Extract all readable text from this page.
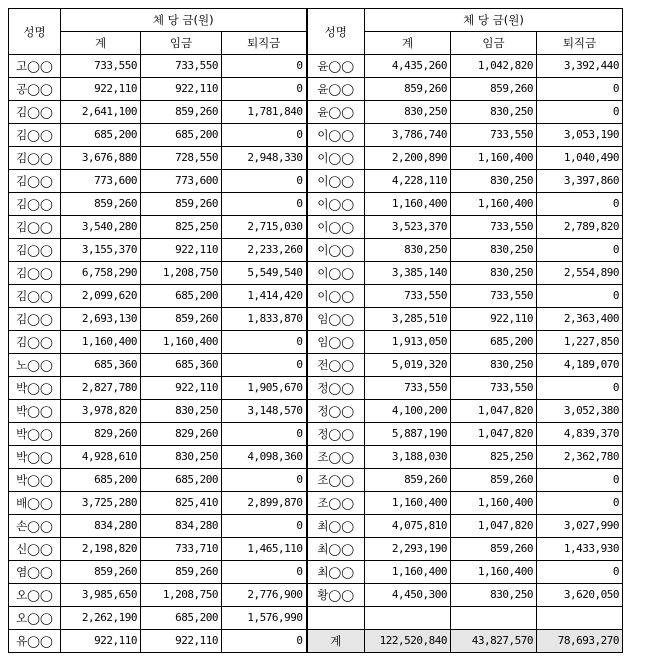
성명	체 당 금(원)			성명	체 당 금(원)		
	계	임금	퇴직금		계	임금	퇴직금
고◯◯	733,550	733,550	0	윤◯◯	4,435,260	1,042,820	3,392,440
공◯◯	922,110	922,110	0	윤◯◯	859,260	859,260	0
김◯◯	2,641,100	859,260	1,781,840	윤◯◯	830,250	830,250	0
김◯◯	685,200	685,200	0	이◯◯	3,786,740	733,550	3,053,190
김◯◯	3,676,880	728,550	2,948,330	이◯◯	2,200,890	1,160,400	1,040,490
김◯◯	773,600	773,600	0	이◯◯	4,228,110	830,250	3,397,860
김◯◯	859,260	859,260	0	이◯◯	1,160,400	1,160,400	0
김◯◯	3,540,280	825,250	2,715,030	이◯◯	3,523,370	733,550	2,789,820
김◯◯	3,155,370	922,110	2,233,260	이◯◯	830,250	830,250	0
김◯◯	6,758,290	1,208,750	5,549,540	이◯◯	3,385,140	830,250	2,554,890
김◯◯	2,099,620	685,200	1,414,420	이◯◯	733,550	733,550	0
김◯◯	2,693,130	859,260	1,833,870	임◯◯	3,285,510	922,110	2,363,400
김◯◯	1,160,400	1,160,400	0	임◯◯	1,913,050	685,200	1,227,850
노◯◯	685,360	685,360	0	전◯◯	5,019,320	830,250	4,189,070
박◯◯	2,827,780	922,110	1,905,670	정◯◯	733,550	733,550	0
박◯◯	3,978,820	830,250	3,148,570	정◯◯	4,100,200	1,047,820	3,052,380
박◯◯	829,260	829,260	0	정◯◯	5,887,190	1,047,820	4,839,370
박◯◯	4,928,610	830,250	4,098,360	조◯◯	3,188,030	825,250	2,362,780
박◯◯	685,200	685,200	0	조◯◯	859,260	859,260	0
배◯◯	3,725,280	825,410	2,899,870	조◯◯	1,160,400	1,160,400	0
손◯◯	834,280	834,280	0	최◯◯	4,075,810	1,047,820	3,027,990
신◯◯	2,198,820	733,710	1,465,110	최◯◯	2,293,190	859,260	1,433,930
염◯◯	859,260	859,260	0	최◯◯	1,160,400	1,160,400	0
오◯◯	3,985,650	1,208,750	2,776,900	황◯◯	4,450,300	830,250	3,620,050
오◯◯	2,262,190	685,200	1,576,990				
유◯◯	922,110	922,110	0	계	122,520,840	43,827,570	78,693,270
